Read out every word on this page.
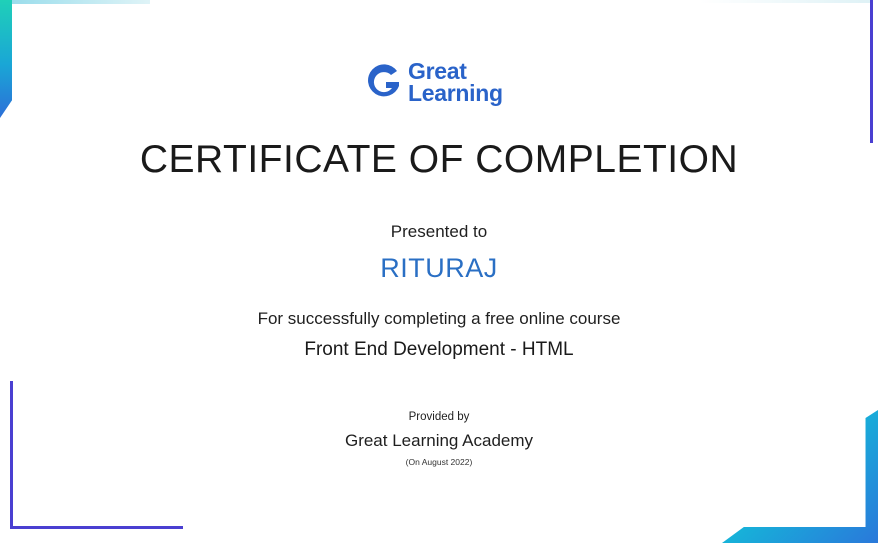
Great
Learning
CERTIFICATE OF COMPLETION
Presented to
RITURAJ
For successfully completing a free online course
Front End Development - HTML
Provided by
Great Learning Academy
(On August 2022)
